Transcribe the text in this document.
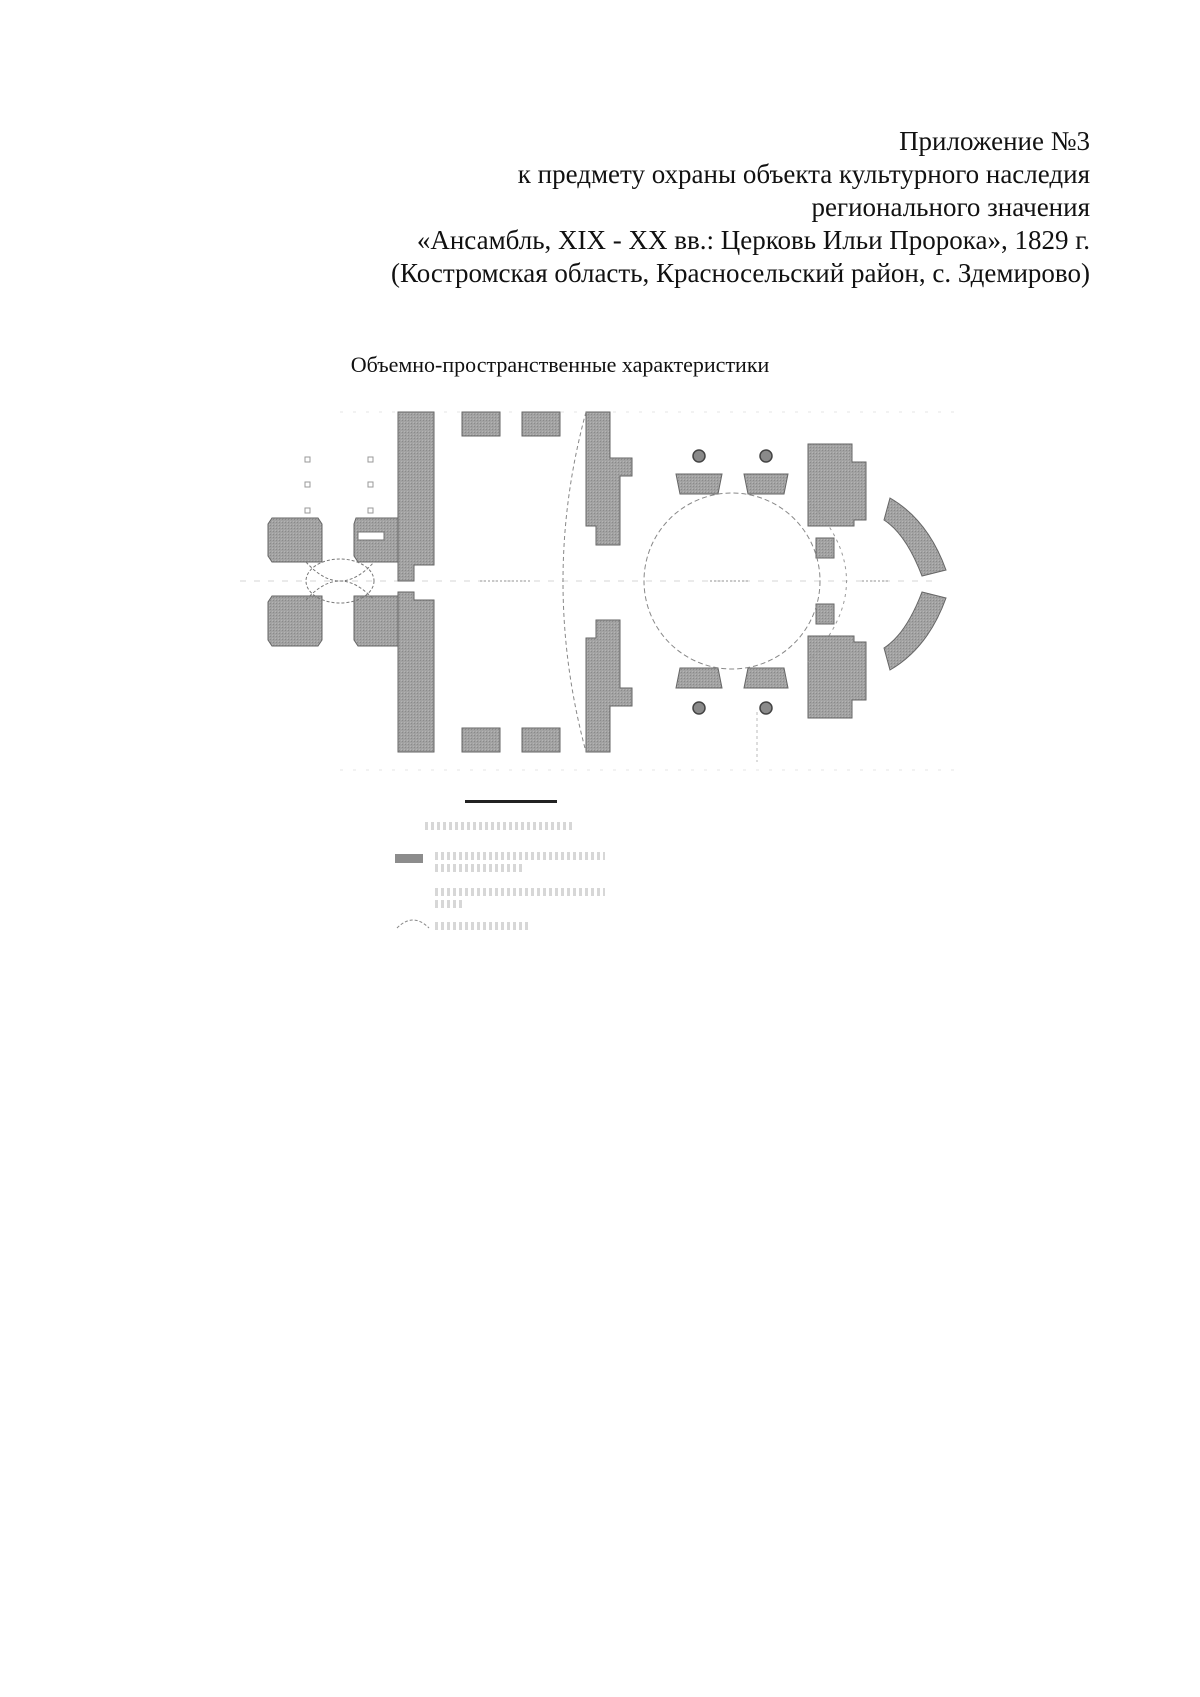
Приложение №3
к предмету охраны объекта культурного наследия
регионального значения
«Ансамбль, XIX - XX вв.: Церковь Ильи Пророка», 1829 г.
(Костромская область, Красносельский район, с. Здемирово)
Объемно-пространственные характеристики
